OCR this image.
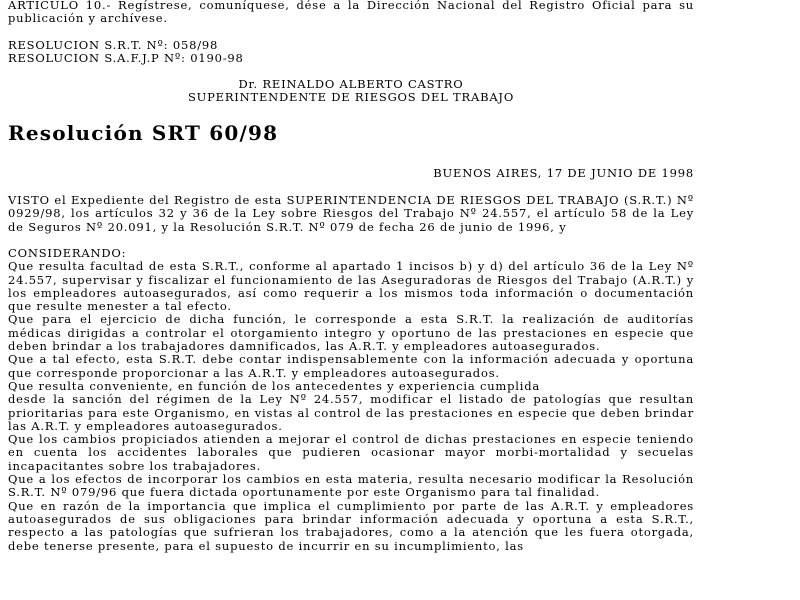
ARTICULO 10.- Regístrese, comuníquese, dése a la Dirección Nacional del Registro Oficial para su publicación y archívese.

RESOLUCION S.R.T. Nº: 058/98

RESOLUCION S.A.F.J.P Nº: 0190-98

Dr. REINALDO ALBERTO CASTRO

SUPERINTENDENTE DE RIESGOS DEL TRABAJO

Resolución SRT 60/98

BUENOS AIRES, 17 DE JUNIO DE 1998

VISTO el Expediente del Registro de esta SUPERINTENDENCIA DE RIESGOS DEL TRABAJO (S.R.T.) Nº 0929/98, los artículos 32 y 36 de la Ley sobre Riesgos del Trabajo Nº 24.557, el artículo 58 de la Ley de Seguros Nº 20.091, y la Resolución S.R.T. Nº 079 de fecha 26 de junio de 1996, y

CONSIDERANDO:

Que resulta facultad de esta S.R.T., conforme al apartado 1 incisos b) y d) del artículo 36 de la Ley Nº 24.557, supervisar y fiscalizar el funcionamiento de las Aseguradoras de Riesgos del Trabajo (A.R.T.) y los empleadores autoasegurados, así como requerir a los mismos toda información o documentación que resulte menester a tal efecto.

Que para el ejercicio de dicha función, le corresponde a esta S.R.T. la realización de auditorías médicas dirigidas a controlar el otorgamiento integro y oportuno de las prestaciones en especie que deben brindar a los trabajadores damnificados, las A.R.T. y empleadores autoasegurados.

Que a tal efecto, esta S.R.T. debe contar indispensablemente con la información adecuada y oportuna que corresponde proporcionar a las A.R.T. y empleadores autoasegurados.

Que resulta conveniente, en función de los antecedentes y experiencia cumplida

desde la sanción del régimen de la Ley Nº 24.557, modificar el listado de patologías que resultan prioritarias para este Organismo, en vistas al control de las prestaciones en especie que deben brindar las A.R.T. y empleadores autoasegurados.

Que los cambios propiciados atienden a mejorar el control de dichas prestaciones en especie teniendo en cuenta los accidentes laborales que pudieren ocasionar mayor morbi-mortalidad y secuelas incapacitantes sobre los trabajadores.

Que a los efectos de incorporar los cambios en esta materia, resulta necesario modificar la Resolución S.R.T. Nº 079/96 que fuera dictada oportunamente por este Organismo para tal finalidad.

Que en razón de la importancia que implica el cumplimiento por parte de las A.R.T. y empleadores autoasegurados de sus obligaciones para brindar información adecuada y oportuna a esta S.R.T., respecto a las patologías que sufrieran los trabajadores, como a la atención que les fuera otorgada, debe tenerse presente, para el supuesto de incurrir en su incumplimiento, las
